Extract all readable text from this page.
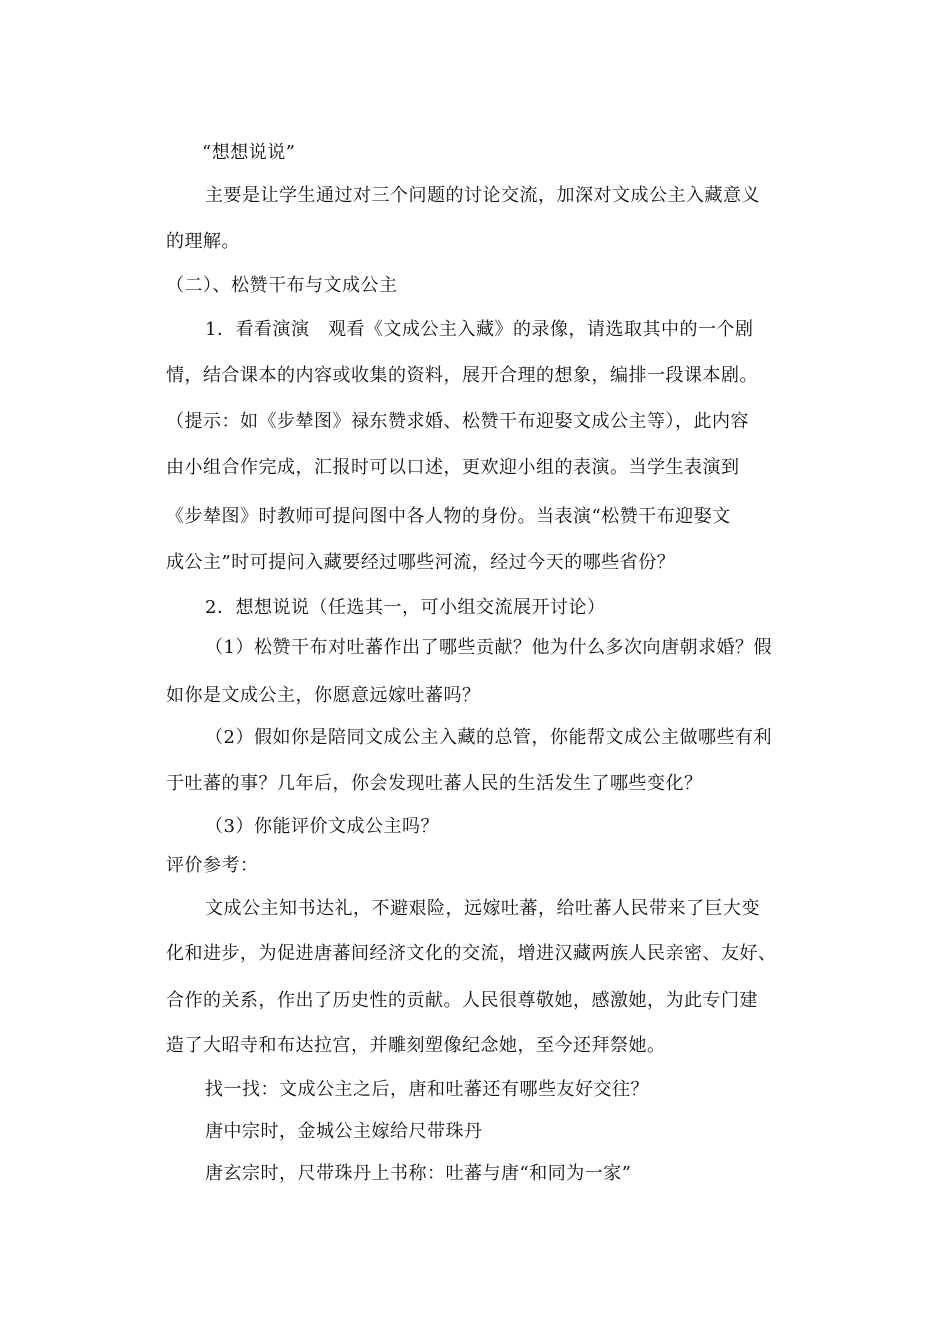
“想想说说”
主要是让学生通过对三个问题的讨论交流，加深对文成公主入藏意义
的理解。
（二）、松赞干布与文成公主
1．看看演演　观看《文成公主入藏》的录像，请选取其中的一个剧
情，结合课本的内容或收集的资料，展开合理的想象，编排一段课本剧。
（提示：如《步辇图》禄东赞求婚、松赞干布迎娶文成公主等），此内容
由小组合作完成，汇报时可以口述，更欢迎小组的表演。当学生表演到
《步辇图》时教师可提问图中各人物的身份。当表演“松赞干布迎娶文
成公主”时可提问入藏要经过哪些河流，经过今天的哪些省份？
2．想想说说（任选其一，可小组交流展开讨论）
（1）松赞干布对吐蕃作出了哪些贡献？他为什么多次向唐朝求婚？假
如你是文成公主，你愿意远嫁吐蕃吗？
（2）假如你是陪同文成公主入藏的总管，你能帮文成公主做哪些有利
于吐蕃的事？几年后，你会发现吐蕃人民的生活发生了哪些变化？
（3）你能评价文成公主吗？
评价参考：
文成公主知书达礼，不避艰险，远嫁吐蕃，给吐蕃人民带来了巨大变
化和进步，为促进唐蕃间经济文化的交流，增进汉藏两族人民亲密、友好、
合作的关系，作出了历史性的贡献。人民很尊敬她，感激她，为此专门建
造了大昭寺和布达拉宫，并雕刻塑像纪念她，至今还拜祭她。
找一找：文成公主之后，唐和吐蕃还有哪些友好交往？
唐中宗时，金城公主嫁给尺带珠丹
唐玄宗时，尺带珠丹上书称：吐蕃与唐“和同为一家”
